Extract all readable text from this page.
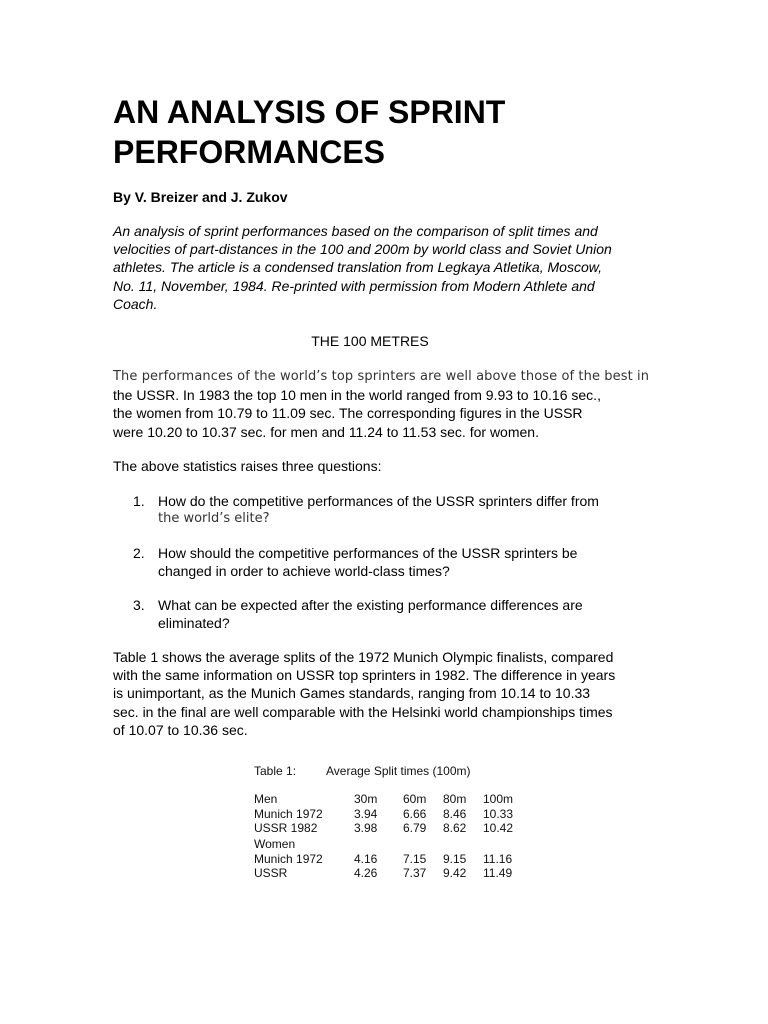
AN ANALYSIS OF SPRINT
PERFORMANCES
By V. Breizer and J. Zukov
An analysis of sprint performances based on the comparison of split times and
velocities of part-distances in the 100 and 200m by world class and Soviet Union
athletes. The article is a condensed translation from Legkaya Atletika, Moscow,
No. 11, November, 1984. Re-printed with permission from Modern Athlete and
Coach.
THE 100 METRES
The performances of the world’s top sprinters are well above those of the best in
the USSR. In 1983 the top 10 men in the world ranged from 9.93 to 10.16 sec.,
the women from 10.79 to 11.09 sec. The corresponding figures in the USSR
were 10.20 to 10.37 sec. for men and 11.24 to 11.53 sec. for women.
The above statistics raises three questions:
1. How do the competitive performances of the USSR sprinters differ from
the world’s elite?
2. How should the competitive performances of the USSR sprinters be
changed in order to achieve world-class times?
3. What can be expected after the existing performance differences are
eliminated?
Table 1 shows the average splits of the 1972 Munich Olympic finalists, compared
with the same information on USSR top sprinters in 1982. The difference in years
is unimportant, as the Munich Games standards, ranging from 10.14 to 10.33
sec. in the final are well comparable with the Helsinki world championships times
of 10.07 to 10.36 sec.
Table 1: Average Split times (100m)
Men	30m 60m 80m 100m
Munich 1972	3.94 6.66 8.46 10.33
USSR 1982	3.98 6.79 8.62 10.42
Women
Munich 1972	4.16 7.15 9.15 11.16
USSR	4.26 7.37 9.42 11.49
